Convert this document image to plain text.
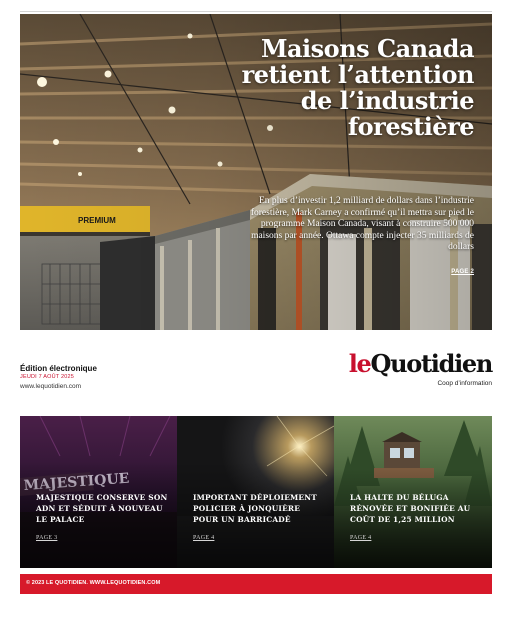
Maisons Canada retient l’attention de l’industrie forestière

En plus d’investir 1,2 milliard de dollars dans l’industrie forestière, Mark Carney a confirmé qu’il mettra sur pied le programme Maison Canada, visant à construire 500 000 maisons par année. Ottawa compte injecter 35 milliards de dollars

PAGE 2
Édition électronique
JEUDI 7 AOÛT 2025
www.lequotidien.com
leQuotidien
Coop d’information
MAJESTIQUE CONSERVE SON ADN ET SÉDUIT À NOUVEAU LE PALACE
PAGE 3
IMPORTANT DÉPLOIEMENT POLICIER À JONQUIÈRE POUR UN BARRICADÉ
PAGE 4
LA HALTE DU BÉLUGA RÉNOVÉE ET BONIFIÉE AU COÛT DE 1,25 MILLION
PAGE 4
© 2023 LE QUOTIDIEN. WWW.LEQUOTIDIEN.COM
